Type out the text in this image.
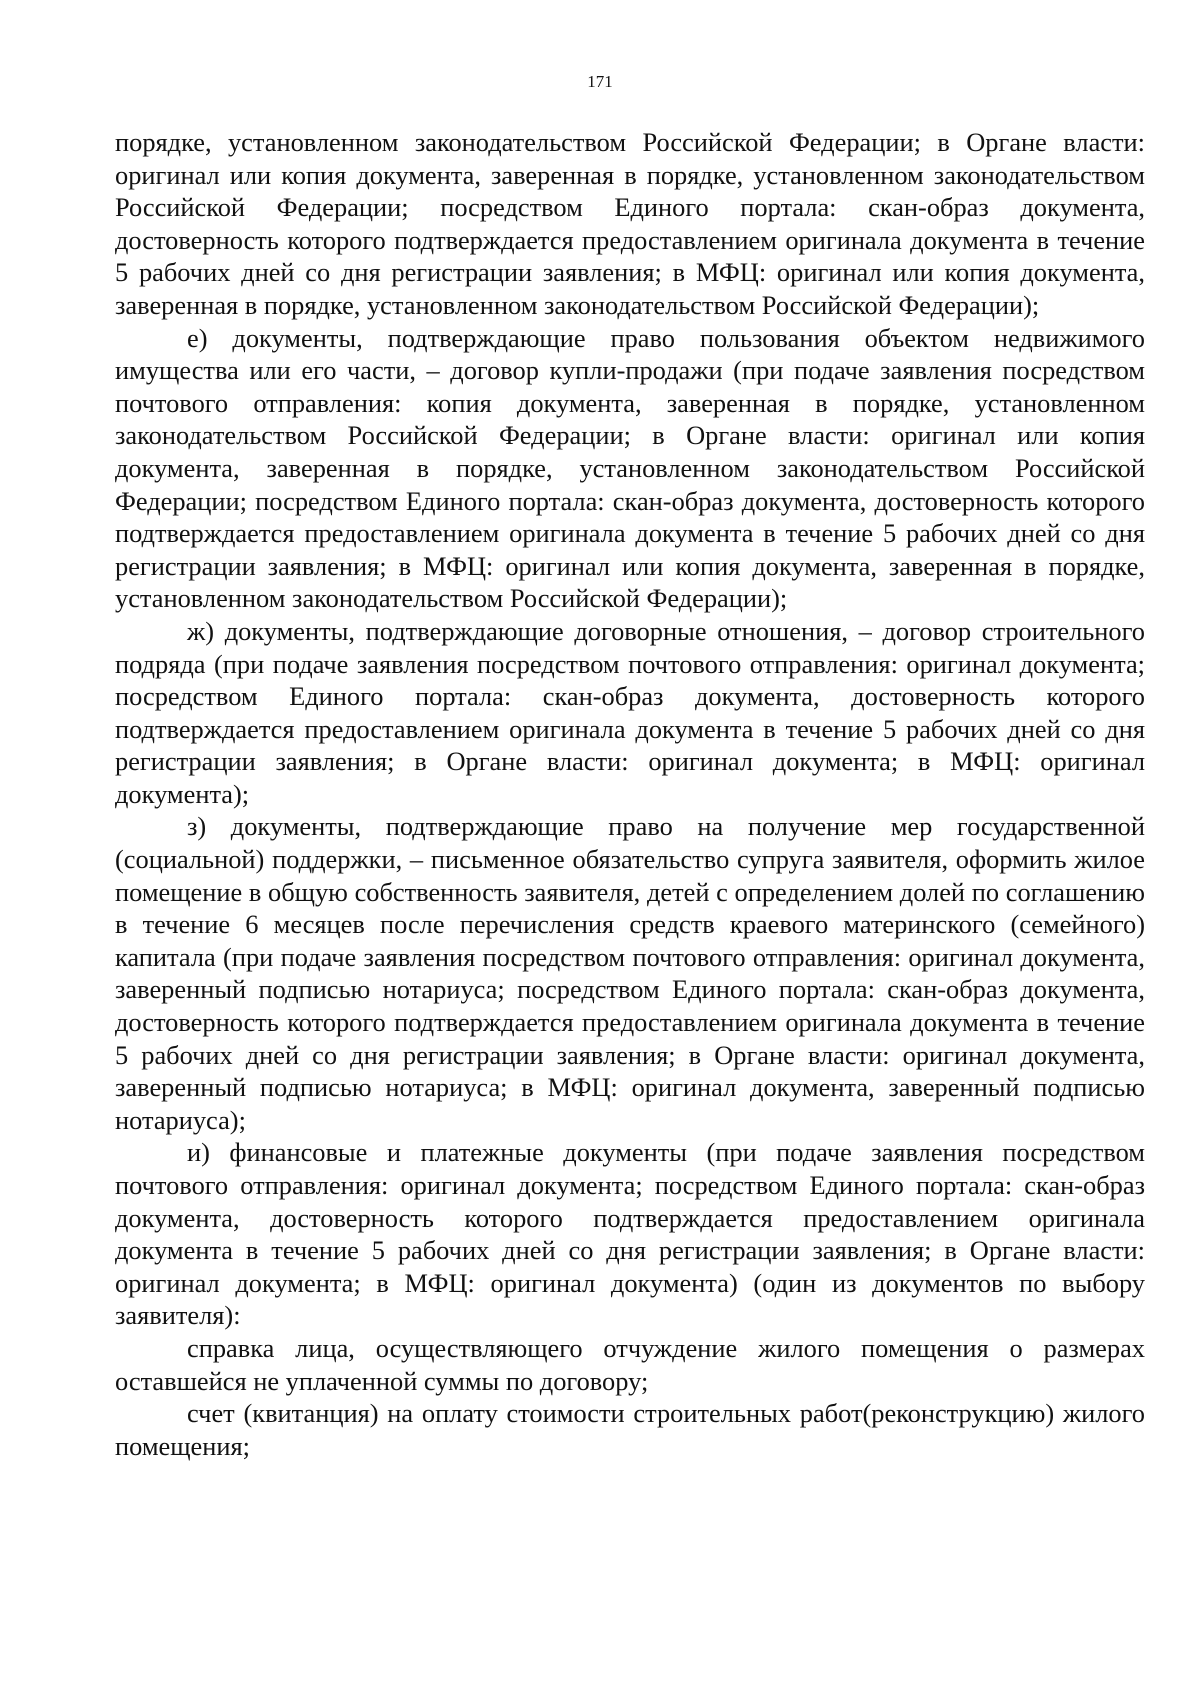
171

порядке, установленном законодательством Российской Федерации; в Органе власти: оригинал или копия документа, заверенная в порядке, установленном законодательством Российской Федерации; посредством Единого портала: скан-образ документа, достоверность которого подтверждается предоставлением оригинала документа в течение 5 рабочих дней со дня регистрации заявления; в МФЦ: оригинал или копия документа, заверенная в порядке, установленном законодательством Российской Федерации);

е) документы, подтверждающие право пользования объектом недвижимого имущества или его части, – договор купли-продажи (при подаче заявления посредством почтового отправления: копия документа, заверенная в порядке, установленном законодательством Российской Федерации; в Органе власти: оригинал или копия документа, заверенная в порядке, установленном законодательством Российской Федерации; посредством Единого портала: скан-образ документа, достоверность которого подтверждается предоставлением оригинала документа в течение 5 рабочих дней со дня регистрации заявления; в МФЦ: оригинал или копия документа, заверенная в порядке, установленном законодательством Российской Федерации);

ж) документы, подтверждающие договорные отношения, – договор строительного подряда (при подаче заявления посредством почтового отправления: оригинал документа; посредством Единого портала: скан-образ документа, достоверность которого подтверждается предоставлением оригинала документа в течение 5 рабочих дней со дня регистрации заявления; в Органе власти: оригинал документа; в МФЦ: оригинал документа);

з) документы, подтверждающие право на получение мер государственной (социальной) поддержки, – письменное обязательство супруга заявителя, оформить жилое помещение в общую собственность заявителя, детей с определением долей по соглашению в течение 6 месяцев после перечисления средств краевого материнского (семейного) капитала (при подаче заявления посредством почтового отправления: оригинал документа, заверенный подписью нотариуса; посредством Единого портала: скан-образ документа, достоверность которого подтверждается предоставлением оригинала документа в течение 5 рабочих дней со дня регистрации заявления; в Органе власти: оригинал документа, заверенный подписью нотариуса; в МФЦ: оригинал документа, заверенный подписью нотариуса);

и) финансовые и платежные документы (при подаче заявления посредством почтового отправления: оригинал документа; посредством Единого портала: скан-образ документа, достоверность которого подтверждается предоставлением оригинала документа в течение 5 рабочих дней со дня регистрации заявления; в Органе власти: оригинал документа; в МФЦ: оригинал документа) (один из документов по выбору заявителя):

справка лица, осуществляющего отчуждение жилого помещения о размерах оставшейся не уплаченной суммы по договору;

счет (квитанция) на оплату стоимости строительных работ(реконструкцию) жилого помещения;
